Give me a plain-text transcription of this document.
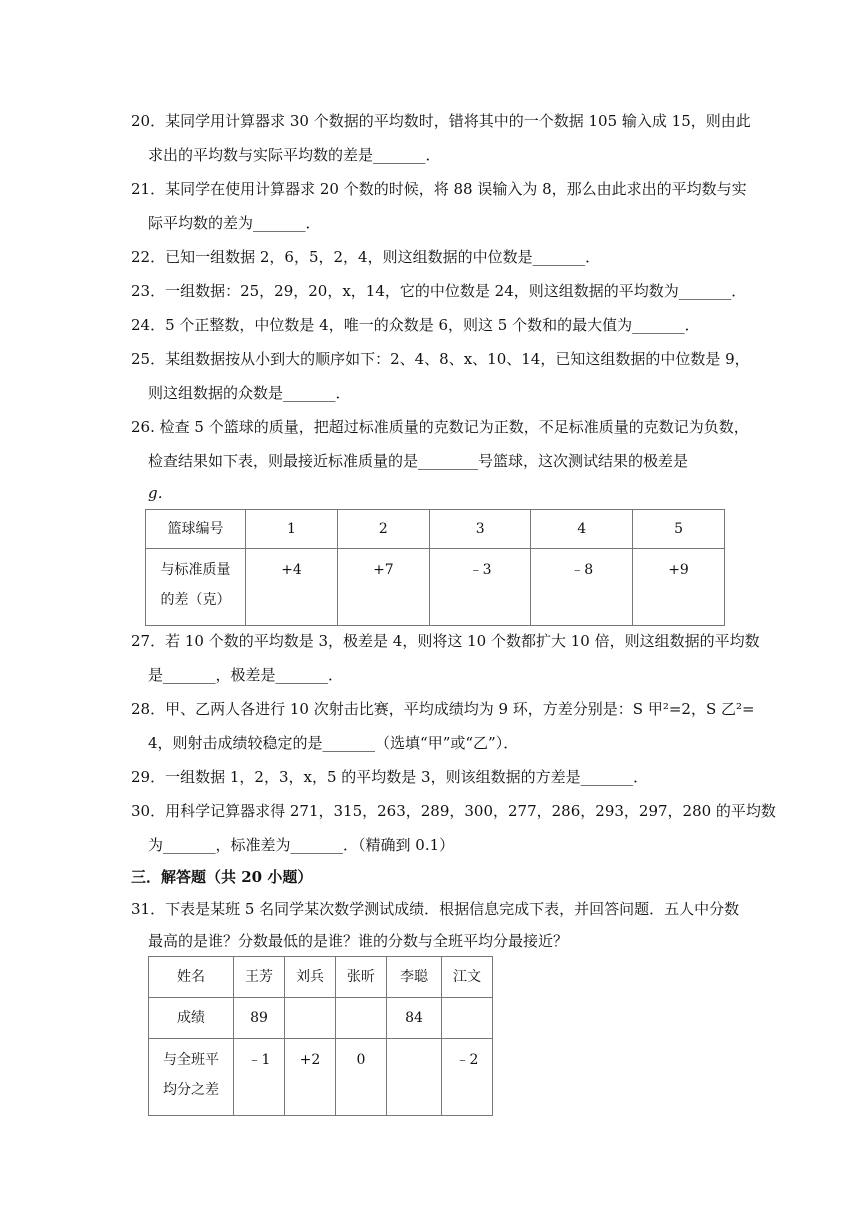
20．某同学用计算器求 30 个数据的平均数时，错将其中的一个数据 105 输入成 15，则由此
求出的平均数与实际平均数的差是_______．
21．某同学在使用计算器求 20 个数的时候，将 88 误输入为 8，那么由此求出的平均数与实
际平均数的差为_______．
22．已知一组数据 2，6，5，2，4，则这组数据的中位数是_______．
23．一组数据：25，29，20，x，14，它的中位数是 24，则这组数据的平均数为_______．
24．5 个正整数，中位数是 4，唯一的众数是 6，则这 5 个数和的最大值为_______．
25．某组数据按从小到大的顺序如下：2、4、8、x、10、14，已知这组数据的中位数是 9，
则这组数据的众数是_______．
26. 检查 5 个篮球的质量，把超过标准质量的克数记为正数，不足标准质量的克数记为负数，
检查结果如下表，则最接近标准质量的是________号篮球，这次测试结果的极差是
g．
篮球编号	1	2	3	4	5

与标准质量
的差（克）	+4	+7	﹣3	﹣8	+9
27．若 10 个数的平均数是 3，极差是 4，则将这 10 个数都扩大 10 倍，则这组数据的平均数
是_______，极差是_______．
28．甲、乙两人各进行 10 次射击比赛，平均成绩均为 9 环，方差分别是：S 甲²=2，S 乙²=
4，则射击成绩较稳定的是_______（选填“甲”或“乙”）．
29．一组数据 1，2，3，x，5 的平均数是 3，则该组数据的方差是_______．
30．用科学记算器求得 271，315，263，289，300，277，286，293，297，280 的平均数
为_______，标准差为_______．（精确到 0.1）
三．解答题（共 20 小题）
31．下表是某班 5 名同学某次数学测试成绩．根据信息完成下表，并回答问题．五人中分数
最高的是谁？分数最低的是谁？谁的分数与全班平均分最接近？
姓名	王芳	刘兵	张昕	李聪	江文
成绩	89			84	

与全班平
均分之差	﹣1	+2	0		﹣2
